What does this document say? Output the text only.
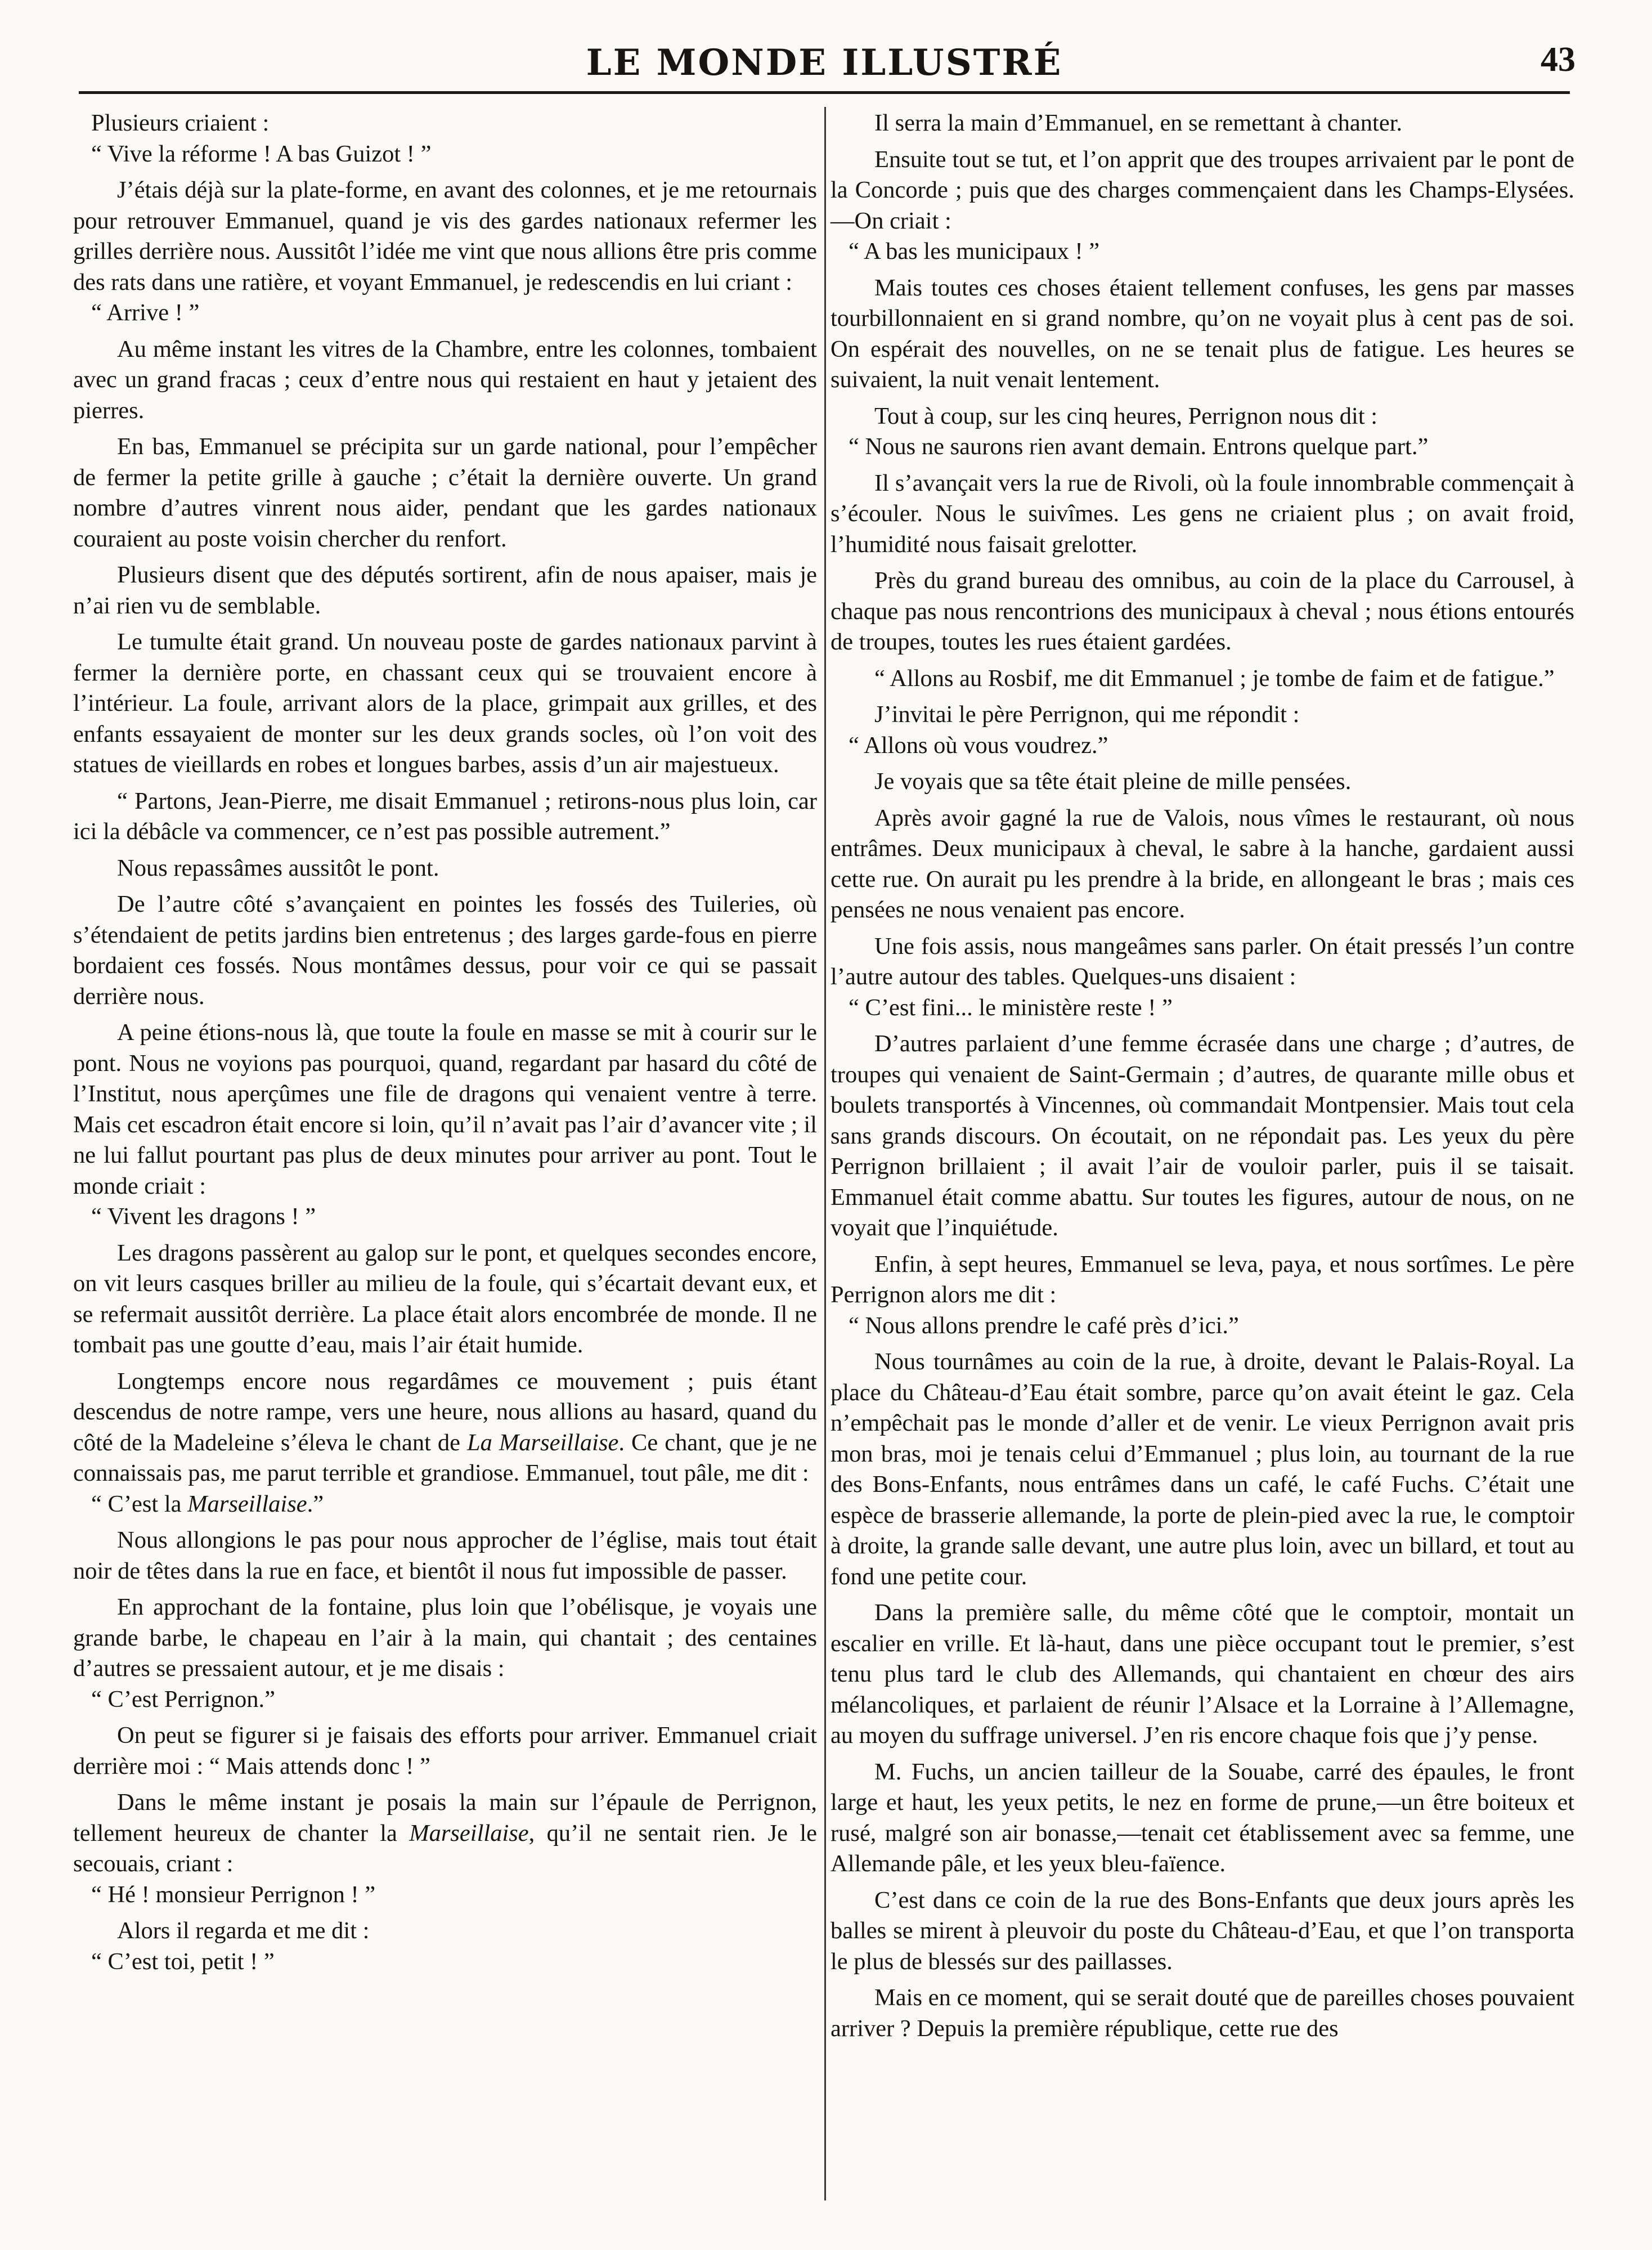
LE MONDE ILLUSTRÉ	43

Plusieurs criaient :

“ Vive la réforme ! A bas Guizot ! ”

J’étais déjà sur la plate-forme, en avant des colonnes, et je me retournais pour retrouver Emmanuel, quand je vis des gardes nationaux refermer les grilles derrière nous. Aussitôt l’idée me vint que nous allions être pris comme des rats dans une ratière, et voyant Emmanuel, je redescendis en lui criant :

“ Arrive ! ”

Au même instant les vitres de la Chambre, entre les colonnes, tombaient avec un grand fracas ; ceux d’entre nous qui restaient en haut y jetaient des pierres.

En bas, Emmanuel se précipita sur un garde national, pour l’empêcher de fermer la petite grille à gauche ; c’était la dernière ouverte. Un grand nombre d’autres vinrent nous aider, pendant que les gardes nationaux couraient au poste voisin chercher du renfort.

Plusieurs disent que des députés sortirent, afin de nous apaiser, mais je n’ai rien vu de semblable.

Le tumulte était grand. Un nouveau poste de gardes nationaux parvint à fermer la dernière porte, en chassant ceux qui se trouvaient encore à l’intérieur. La foule, arrivant alors de la place, grimpait aux grilles, et des enfants essayaient de monter sur les deux grands socles, où l’on voit des statues de vieillards en robes et longues barbes, assis d’un air majestueux.

“ Partons, Jean-Pierre, me disait Emmanuel ; retirons-nous plus loin, car ici la débâcle va commencer, ce n’est pas possible autrement.”

Nous repassâmes aussitôt le pont.

De l’autre côté s’avançaient en pointes les fossés des Tuileries, où s’étendaient de petits jardins bien entretenus ; des larges garde-fous en pierre bordaient ces fossés. Nous montâmes dessus, pour voir ce qui se passait derrière nous.

A peine étions-nous là, que toute la foule en masse se mit à courir sur le pont. Nous ne voyions pas pourquoi, quand, regardant par hasard du côté de l’Institut, nous aperçûmes une file de dragons qui venaient ventre à terre. Mais cet escadron était encore si loin, qu’il n’avait pas l’air d’avancer vite ; il ne lui fallut pourtant pas plus de deux minutes pour arriver au pont. Tout le monde criait :

“ Vivent les dragons ! ”

Les dragons passèrent au galop sur le pont, et quelques secondes encore, on vit leurs casques briller au milieu de la foule, qui s’écartait devant eux, et se refermait aussitôt derrière. La place était alors encombrée de monde. Il ne tombait pas une goutte d’eau, mais l’air était humide.

Longtemps encore nous regardâmes ce mouvement ; puis étant descendus de notre rampe, vers une heure, nous allions au hasard, quand du côté de la Madeleine s’éleva le chant de La Marseillaise. Ce chant, que je ne connaissais pas, me parut terrible et grandiose. Emmanuel, tout pâle, me dit :

“ C’est la Marseillaise.”

Nous allongions le pas pour nous approcher de l’église, mais tout était noir de têtes dans la rue en face, et bientôt il nous fut impossible de passer.

En approchant de la fontaine, plus loin que l’obélisque, je voyais une grande barbe, le chapeau en l’air à la main, qui chantait ; des centaines d’autres se pressaient autour, et je me disais :

“ C’est Perrignon.”

On peut se figurer si je faisais des efforts pour arriver. Emmanuel criait derrière moi : “ Mais attends donc ! ”

Dans le même instant je posais la main sur l’épaule de Perrignon, tellement heureux de chanter la Marseillaise, qu’il ne sentait rien. Je le secouais, criant :

“ Hé ! monsieur Perrignon ! ”

Alors il regarda et me dit :

“ C’est toi, petit ! ”

Il serra la main d’Emmanuel, en se remettant à chanter.

Ensuite tout se tut, et l’on apprit que des troupes arrivaient par le pont de la Concorde ; puis que des charges commençaient dans les Champs-Elysées.—On criait :

“ A bas les municipaux ! ”

Mais toutes ces choses étaient tellement confuses, les gens par masses tourbillonnaient en si grand nombre, qu’on ne voyait plus à cent pas de soi. On espérait des nouvelles, on ne se tenait plus de fatigue. Les heures se suivaient, la nuit venait lentement.

Tout à coup, sur les cinq heures, Perrignon nous dit :

“ Nous ne saurons rien avant demain. Entrons quelque part.”

Il s’avançait vers la rue de Rivoli, où la foule innombrable commençait à s’écouler. Nous le suivîmes. Les gens ne criaient plus ; on avait froid, l’humidité nous faisait grelotter.

Près du grand bureau des omnibus, au coin de la place du Carrousel, à chaque pas nous rencontrions des municipaux à cheval ; nous étions entourés de troupes, toutes les rues étaient gardées.

“ Allons au Rosbif, me dit Emmanuel ; je tombe de faim et de fatigue.”

J’invitai le père Perrignon, qui me répondit :

“ Allons où vous voudrez.”

Je voyais que sa tête était pleine de mille pensées.

Après avoir gagné la rue de Valois, nous vîmes le restaurant, où nous entrâmes. Deux municipaux à cheval, le sabre à la hanche, gardaient aussi cette rue. On aurait pu les prendre à la bride, en allongeant le bras ; mais ces pensées ne nous venaient pas encore.

Une fois assis, nous mangeâmes sans parler. On était pressés l’un contre l’autre autour des tables. Quelques-uns disaient :

“ C’est fini... le ministère reste ! ”

D’autres parlaient d’une femme écrasée dans une charge ; d’autres, de troupes qui venaient de Saint-Germain ; d’autres, de quarante mille obus et boulets transportés à Vincennes, où commandait Montpensier. Mais tout cela sans grands discours. On écoutait, on ne répondait pas. Les yeux du père Perrignon brillaient ; il avait l’air de vouloir parler, puis il se taisait. Emmanuel était comme abattu. Sur toutes les figures, autour de nous, on ne voyait que l’inquiétude.

Enfin, à sept heures, Emmanuel se leva, paya, et nous sortîmes. Le père Perrignon alors me dit :

“ Nous allons prendre le café près d’ici.”

Nous tournâmes au coin de la rue, à droite, devant le Palais-Royal. La place du Château-d’Eau était sombre, parce qu’on avait éteint le gaz. Cela n’empêchait pas le monde d’aller et de venir. Le vieux Perrignon avait pris mon bras, moi je tenais celui d’Emmanuel ; plus loin, au tournant de la rue des Bons-Enfants, nous entrâmes dans un café, le café Fuchs. C’était une espèce de brasserie allemande, la porte de plein-pied avec la rue, le comptoir à droite, la grande salle devant, une autre plus loin, avec un billard, et tout au fond une petite cour.

Dans la première salle, du même côté que le comptoir, montait un escalier en vrille. Et là-haut, dans une pièce occupant tout le premier, s’est tenu plus tard le club des Allemands, qui chantaient en chœur des airs mélancoliques, et parlaient de réunir l’Alsace et la Lorraine à l’Allemagne, au moyen du suffrage universel. J’en ris encore chaque fois que j’y pense.

M. Fuchs, un ancien tailleur de la Souabe, carré des épaules, le front large et haut, les yeux petits, le nez en forme de prune,—un être boiteux et rusé, malgré son air bonasse,—tenait cet établissement avec sa femme, une Allemande pâle, et les yeux bleu-faïence.

C’est dans ce coin de la rue des Bons-Enfants que deux jours après les balles se mirent à pleuvoir du poste du Château-d’Eau, et que l’on transporta le plus de blessés sur des paillasses.

Mais en ce moment, qui se serait douté que de pareilles choses pouvaient arriver ? Depuis la première république, cette rue des
